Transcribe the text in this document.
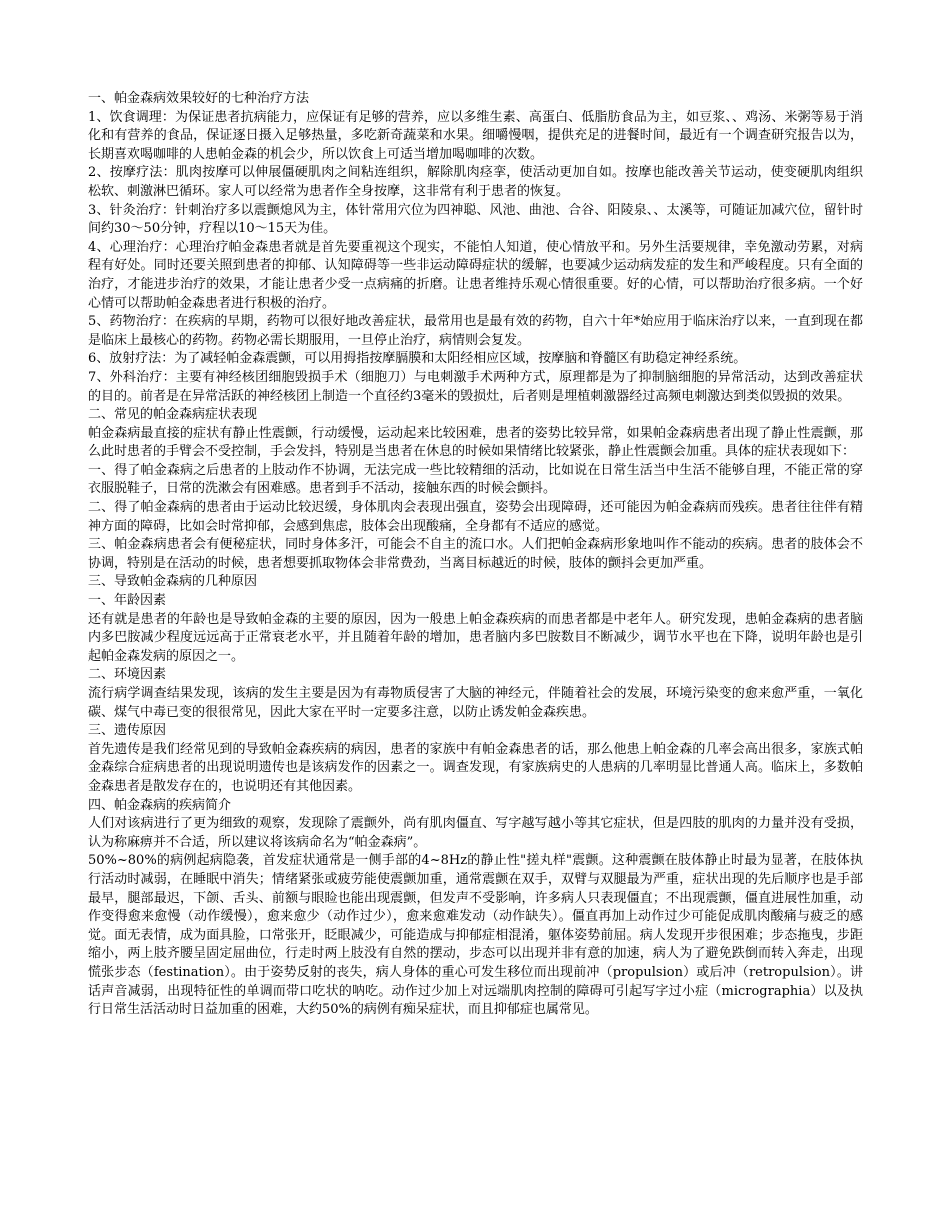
一、帕金森病效果较好的七种治疗方法
1、饮食调理：为保证患者抗病能力，应保证有足够的营养，应以多维生素、高蛋白、低脂肪食品为主，如豆浆、、鸡汤、米粥等易于消化和有营养的食品，保证逐日摄入足够热量，多吃新奇蔬菜和水果。细嚼慢咽，提供充足的进餐时间，最近有一个调查研究报告以为，长期喜欢喝咖啡的人患帕金森的机会少，所以饮食上可适当增加喝咖啡的次数。
2、按摩疗法：肌肉按摩可以伸展僵硬肌肉之间粘连组织，解除肌肉痉挛，使活动更加自如。按摩也能改善关节运动，使变硬肌肉组织松软、刺激淋巴循环。家人可以经常为患者作全身按摩，这非常有利于患者的恢复。
3、针灸治疗：针刺治疗多以震颤熄风为主，体针常用穴位为四神聪、风池、曲池、合谷、阳陵泉、、太溪等，可随证加减穴位，留针时间约30～50分钟，疗程以10～15天为佳。
4、心理治疗：心理治疗帕金森患者就是首先要重视这个现实，不能怕人知道，使心情放平和。另外生活要规律，幸免激动劳累，对病程有好处。同时还要关照到患者的抑郁、认知障碍等一些非运动障碍症状的缓解，也要减少运动病发症的发生和严峻程度。只有全面的治疗，才能进步治疗的效果，才能让患者少受一点病痛的折磨。让患者维持乐观心情很重要。好的心情，可以帮助治疗很多病。一个好心情可以帮助帕金森患者进行积极的治疗。
5、药物治疗：在疾病的早期，药物可以很好地改善症状，最常用也是最有效的药物，自六十年*始应用于临床治疗以来，一直到现在都是临床上最核心的药物。药物必需长期服用，一旦停止治疗，病情则会复发。
6、放射疗法：为了减轻帕金森震颤，可以用拇指按摩膈膜和太阳经相应区域，按摩脑和脊髓区有助稳定神经系统。
7、外科治疗：主要有神经核团细胞毁损手术（细胞刀）与电刺激手术两种方式，原理都是为了抑制脑细胞的异常活动，达到改善症状的目的。前者是在异常活跃的神经核团上制造一个直径约3毫米的毁损灶，后者则是埋植刺激器经过高频电刺激达到类似毁损的效果。
二、常见的帕金森病症状表现
帕金森病最直接的症状有静止性震颤，行动缓慢，运动起来比较困难，患者的姿势比较异常，如果帕金森病患者出现了静止性震颤，那么此时患者的手臂会不受控制，手会发抖，特别是当患者在休息的时候如果情绪比较紧张，静止性震颤会加重。具体的症状表现如下：
一、得了帕金森病之后患者的上肢动作不协调，无法完成一些比较精细的活动，比如说在日常生活当中生活不能够自理，不能正常的穿衣服脱鞋子，日常的洗漱会有困难感。患者到手不活动，接触东西的时候会颤抖。
二、得了帕金森病的患者由于运动比较迟缓，身体肌肉会表现出强直，姿势会出现障碍，还可能因为帕金森病而残疾。患者往往伴有精神方面的障碍，比如会时常抑郁，会感到焦虑，肢体会出现酸痛，全身都有不适应的感觉。
三、帕金森病患者会有便秘症状，同时身体多汗，可能会不自主的流口水。人们把帕金森病形象地叫作不能动的疾病。患者的肢体会不协调，特别是在活动的时候，患者想要抓取物体会非常费劲，当离目标越近的时候，肢体的颤抖会更加严重。
三、导致帕金森病的几种原因
一、年龄因素
还有就是患者的年龄也是导致帕金森的主要的原因，因为一般患上帕金森疾病的而患者都是中老年人。研究发现，患帕金森病的患者脑内多巴胺减少程度远远高于正常衰老水平，并且随着年龄的增加，患者脑内多巴胺数目不断减少，调节水平也在下降，说明年龄也是引起帕金森发病的原因之一。
二、环境因素
流行病学调查结果发现，该病的发生主要是因为有毒物质侵害了大脑的神经元，伴随着社会的发展，环境污染变的愈来愈严重，一氧化碳、煤气中毒已变的很很常见，因此大家在平时一定要多注意，以防止诱发帕金森疾患。
三、遗传原因
首先遗传是我们经常见到的导致帕金森疾病的病因，患者的家族中有帕金森患者的话，那么他患上帕金森的几率会高出很多，家族式帕金森综合症病患者的出现说明遗传也是该病发作的因素之一。调查发现，有家族病史的人患病的几率明显比普通人高。临床上，多数帕金森患者是散发存在的，也说明还有其他因素。
四、帕金森病的疾病简介
人们对该病进行了更为细致的观察，发现除了震颤外，尚有肌肉僵直、写字越写越小等其它症状，但是四肢的肌肉的力量并没有受损，认为称麻痹并不合适，所以建议将该病命名为“帕金森病”。
50%~80%的病例起病隐袭，首发症状通常是一侧手部的4~8Hz的静止性"搓丸样"震颤。这种震颤在肢体静止时最为显著，在肢体执行活动时减弱，在睡眠中消失；情绪紧张或疲劳能使震颤加重，通常震颤在双手，双臂与双腿最为严重，症状出现的先后顺序也是手部最早，腿部最迟，下颌、舌头、前额与眼睑也能出现震颤，但发声不受影响，许多病人只表现僵直；不出现震颤，僵直进展性加重，动作变得愈来愈慢（动作缓慢），愈来愈少（动作过少），愈来愈难发动（动作缺失）。僵直再加上动作过少可能促成肌肉酸痛与疲乏的感觉。面无表情，成为面具脸，口常张开，眨眼减少，可能造成与抑郁症相混淆，躯体姿势前屈。病人发现开步很困难；步态拖曳，步距缩小，两上肢齐腰呈固定屈曲位，行走时两上肢没有自然的摆动，步态可以出现并非有意的加速，病人为了避免跌倒而转入奔走，出现慌张步态（festination）。由于姿势反射的丧失，病人身体的重心可发生移位而出现前冲（propulsion）或后冲（retropulsion）。讲话声音减弱，出现特征性的单调而带口吃状的呐吃。动作过少加上对远端肌肉控制的障碍可引起写字过小症（micrographia）以及执行日常生活活动时日益加重的困难，大约50%的病例有痴呆症状，而且抑郁症也属常见。
